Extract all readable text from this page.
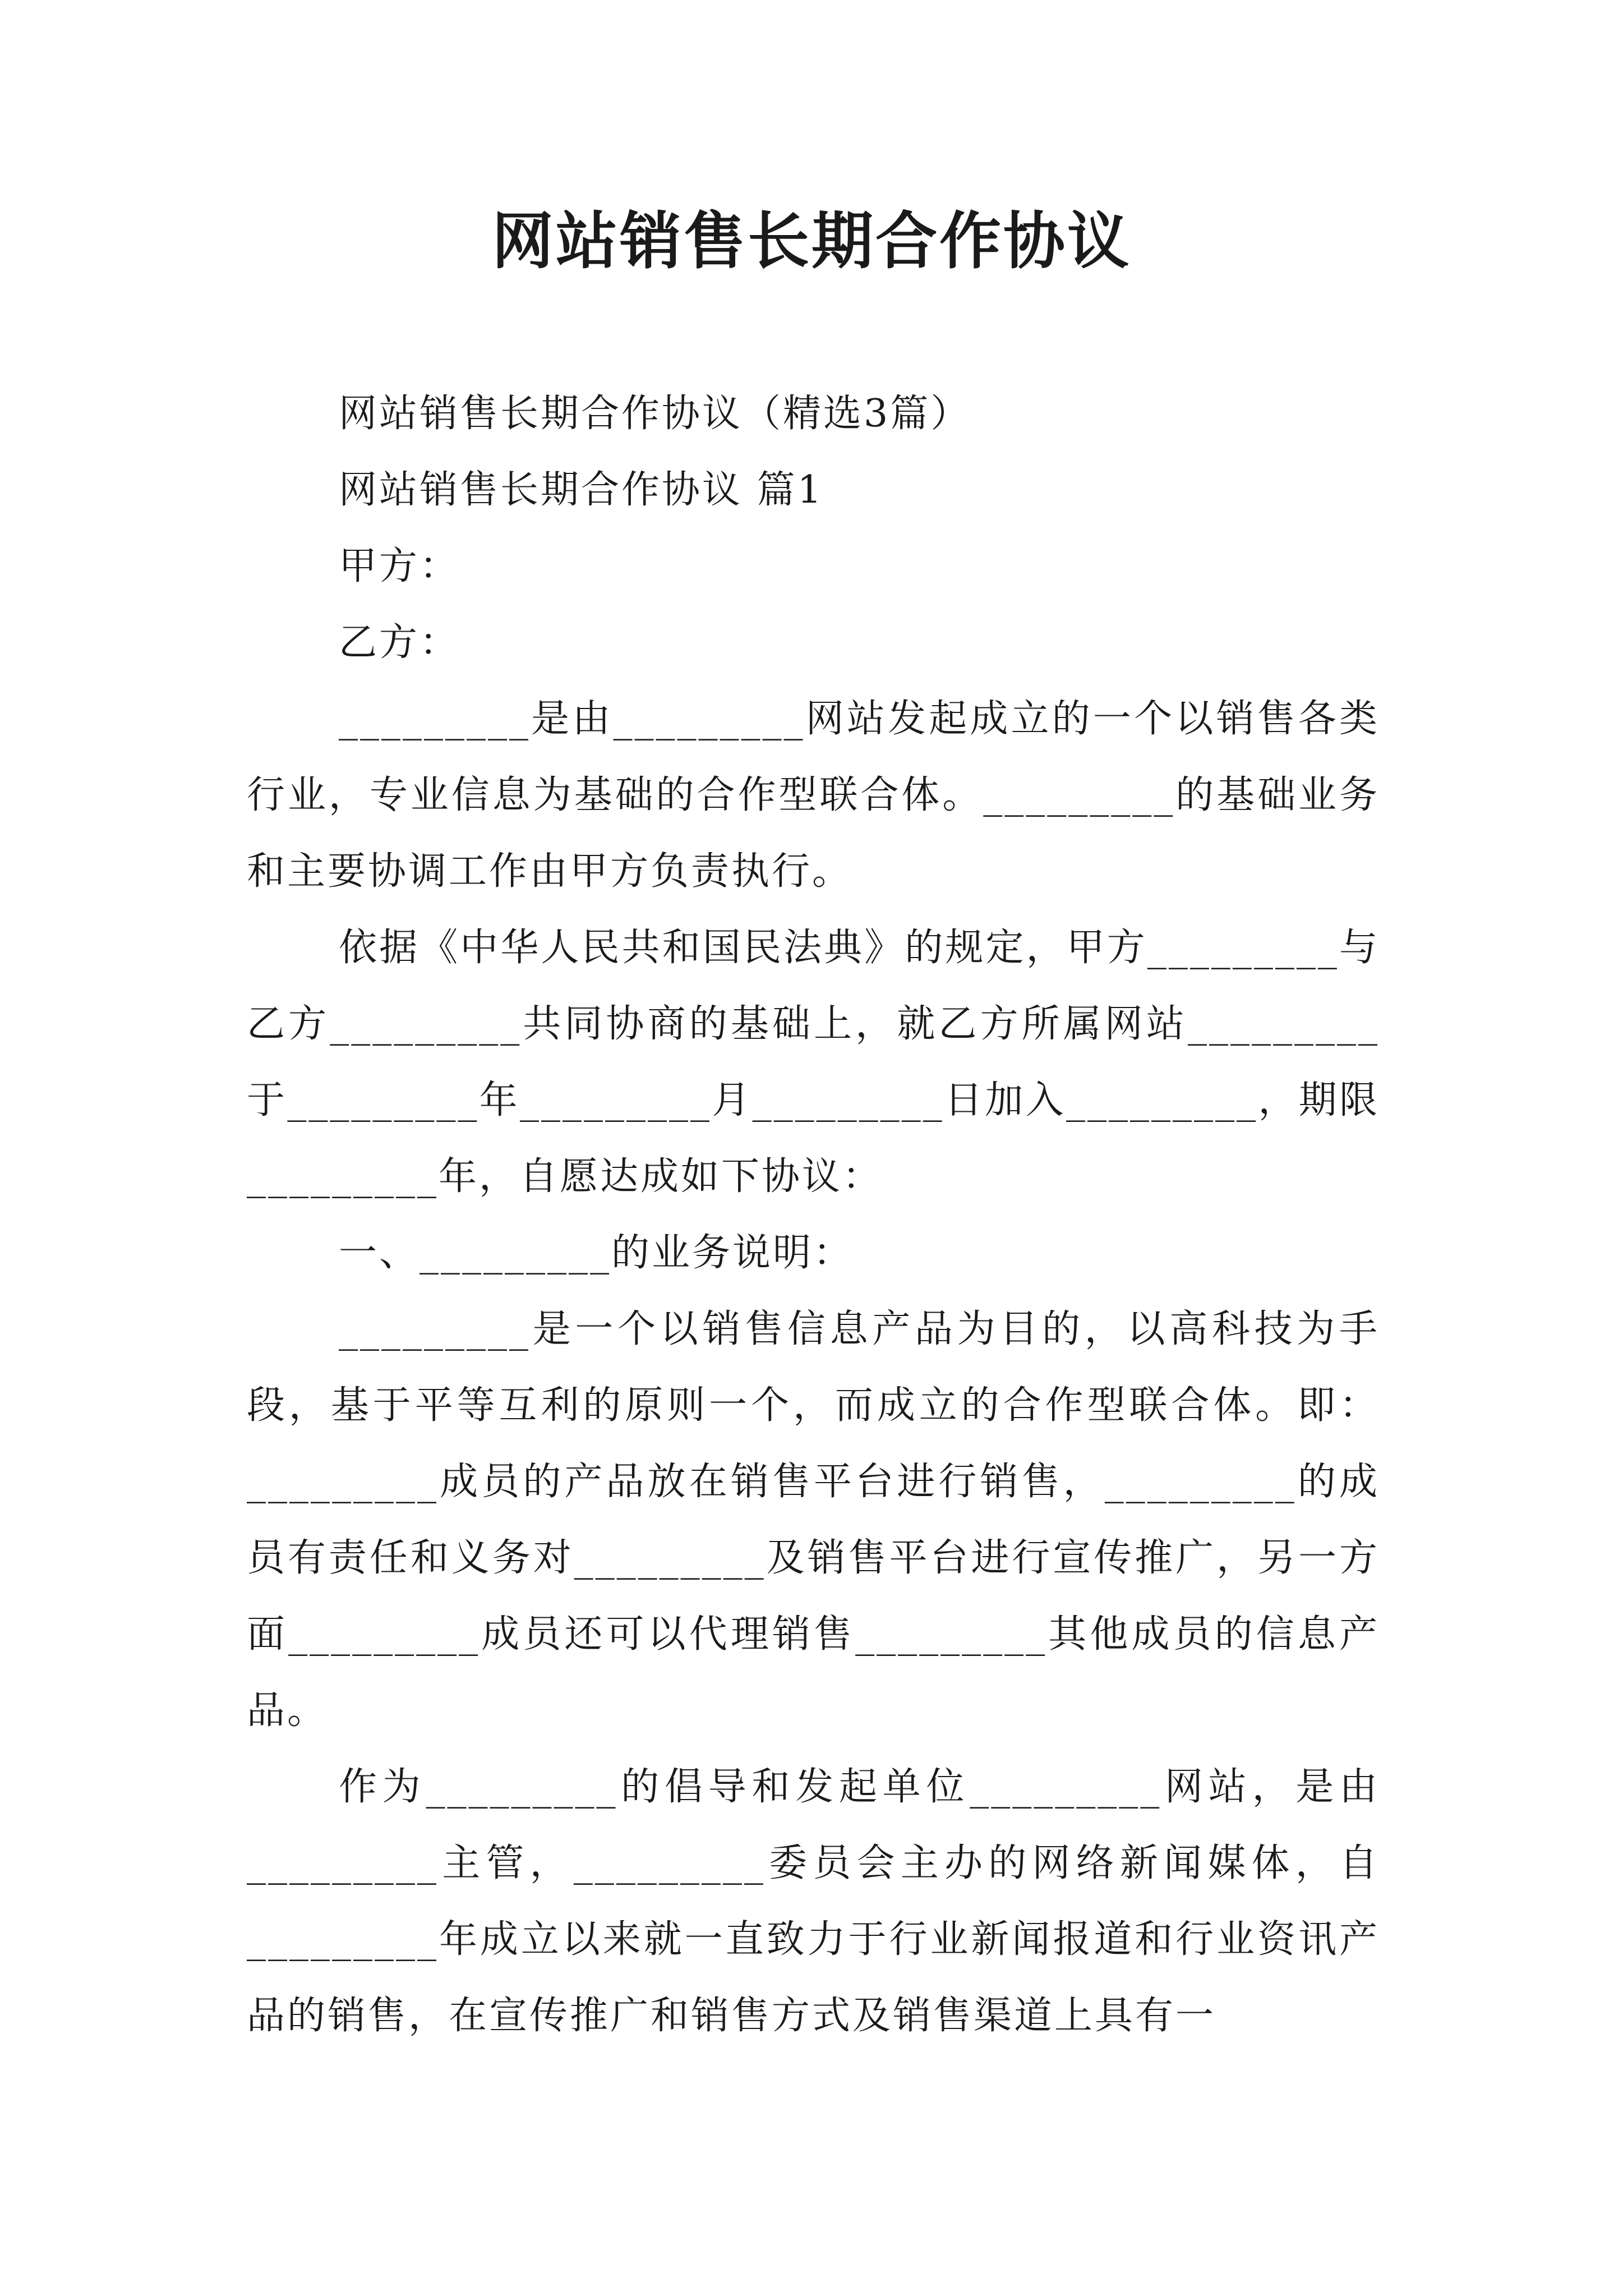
网站销售长期合作协议

网站销售长期合作协议（精选3篇）

网站销售长期合作协议 篇1

甲方：

乙方：

_________是由_________网站发起成立的一个以销售各类行业，专业信息为基础的合作型联合体。_________的基础业务和主要协调工作由甲方负责执行。

依据《中华人民共和国民法典》的规定，甲方_________与乙方_________共同协商的基础上，就乙方所属网站_________于_________年_________月_________日加入_________，期限_________年，自愿达成如下协议：

一、_________的业务说明：

_________是一个以销售信息产品为目的，以高科技为手段，基于平等互利的原则一个，而成立的合作型联合体。即：_________成员的产品放在销售平台进行销售，_________的成员有责任和义务对_________及销售平台进行宣传推广，另一方面_________成员还可以代理销售_________其他成员的信息产品。

作为_________的倡导和发起单位_________网站，是由_________主管，_________委员会主办的网络新闻媒体，自_________年成立以来就一直致力于行业新闻报道和行业资讯产品的销售，在宣传推广和销售方式及销售渠道上具有一
